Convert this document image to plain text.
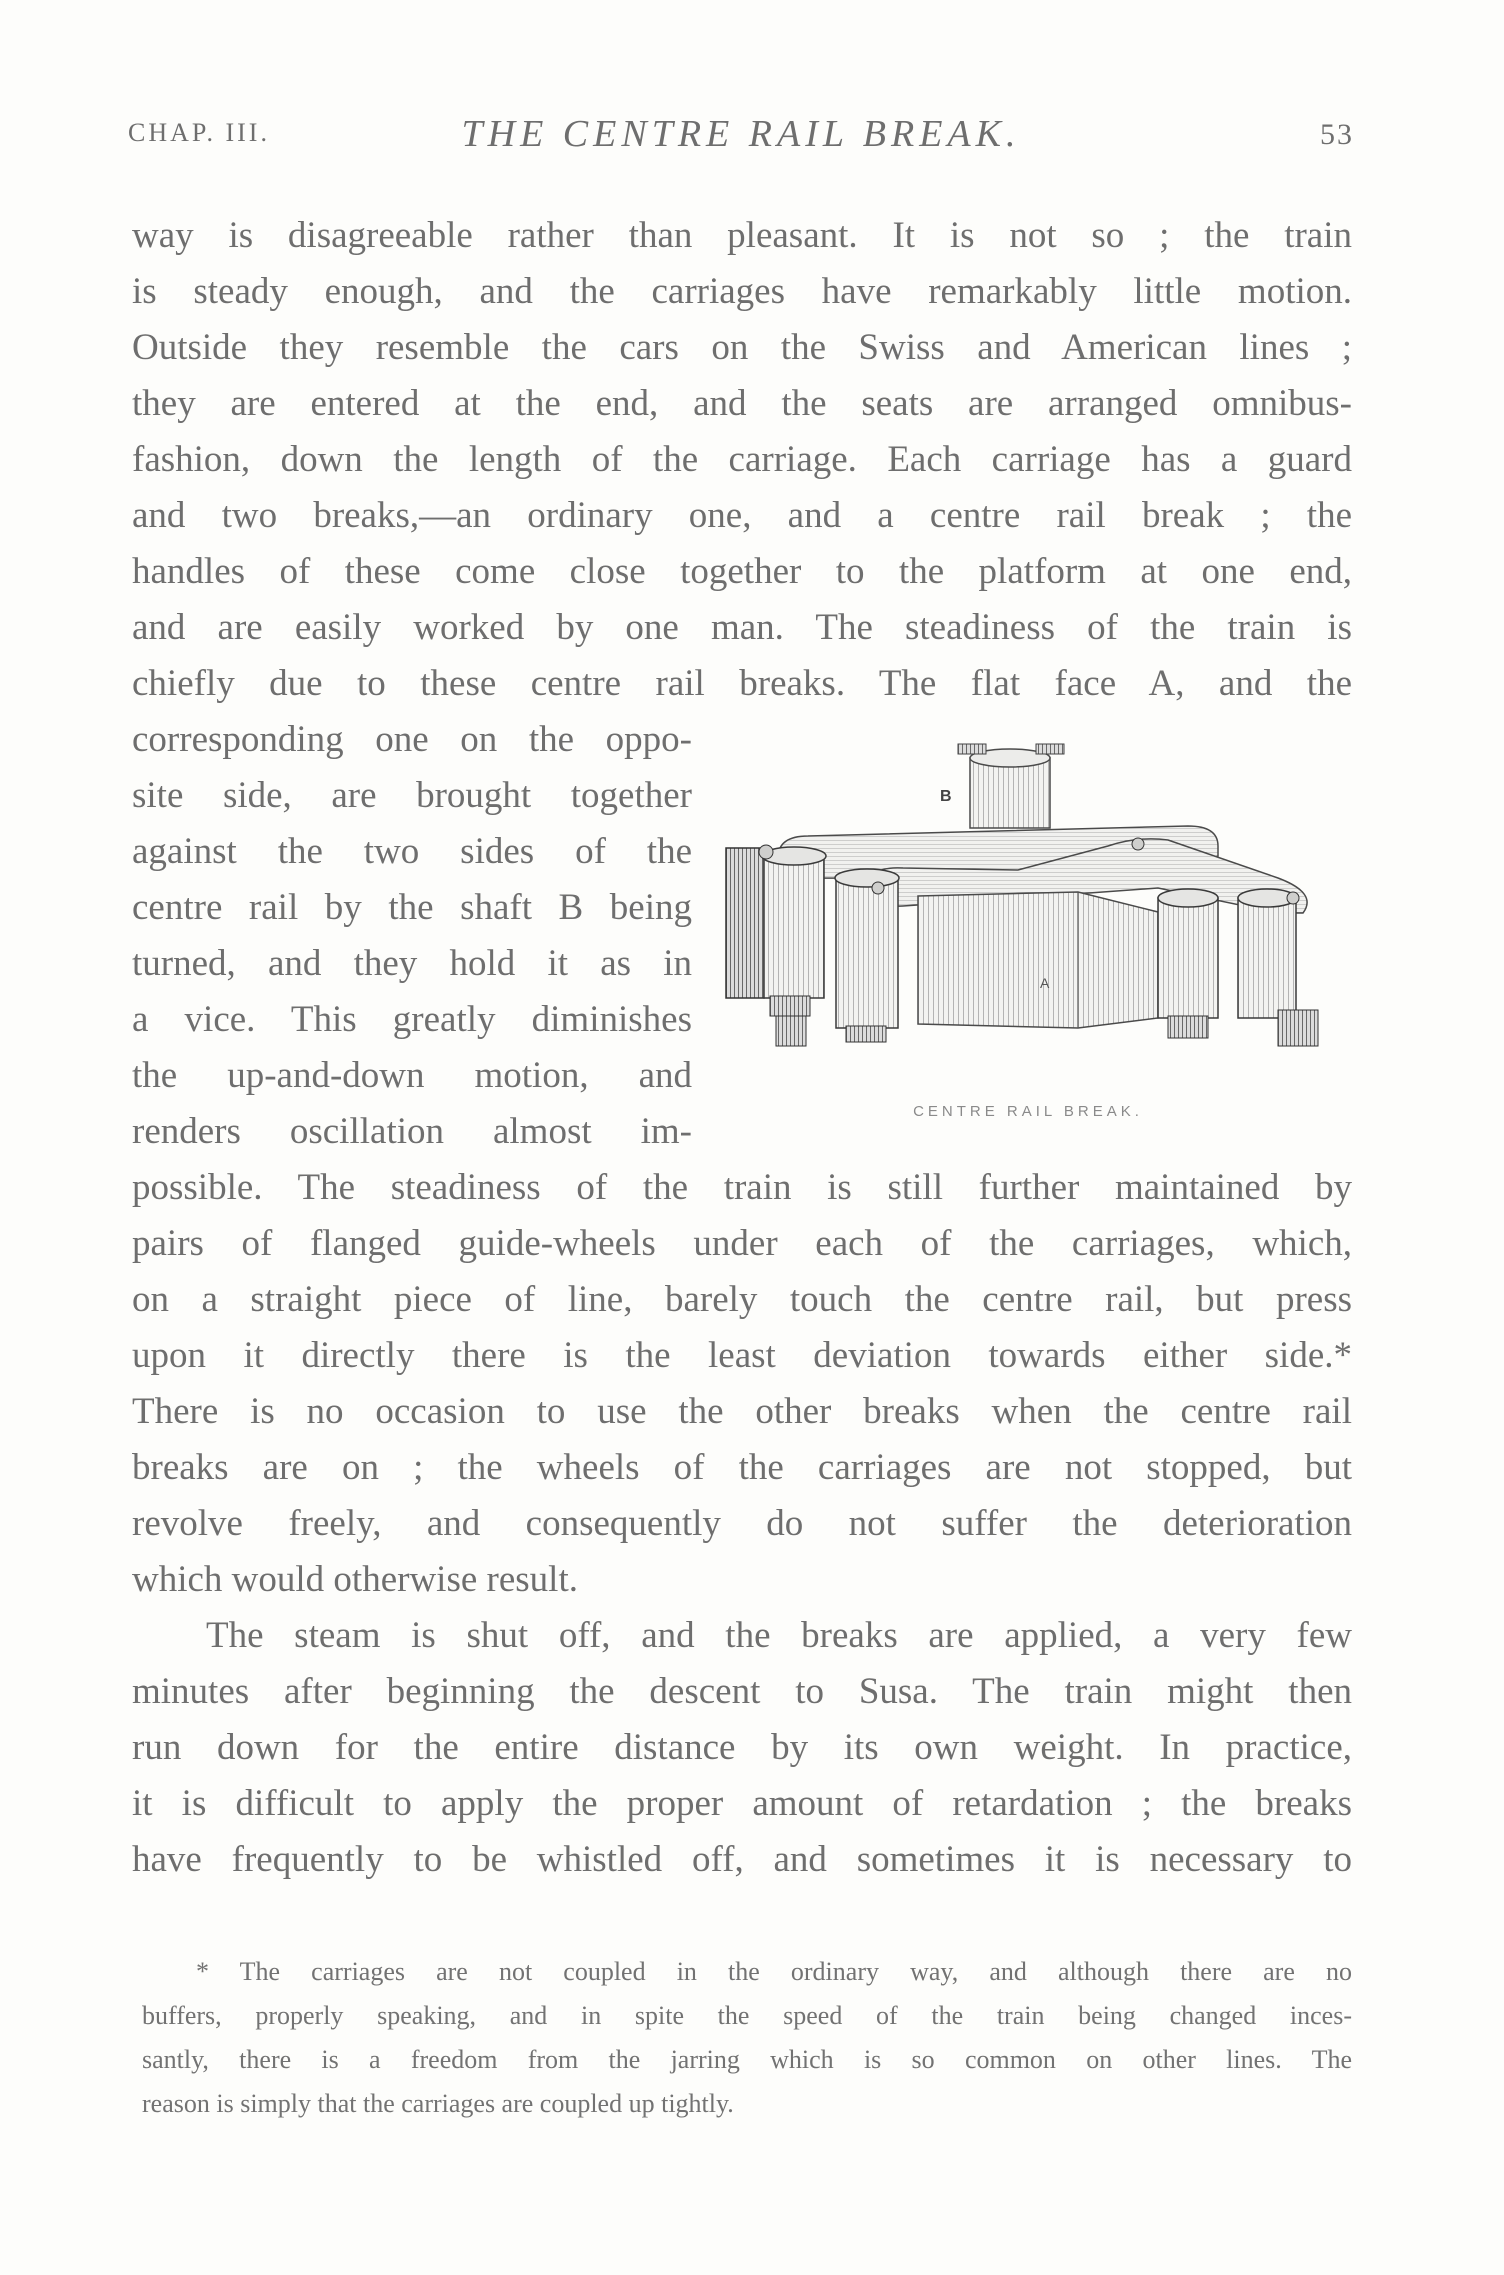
CHAP. III.	THE CENTRE RAIL BREAK.	53
way is disagreeable rather than pleasant. It is not so ; the train
is steady enough, and the carriages have remarkably little motion.
Outside they resemble the cars on the Swiss and American lines ;
they are entered at the end, and the seats are arranged omnibus-
fashion, down the length of the carriage. Each carriage has a guard
and two breaks,—an ordinary one, and a centre rail break ; the
handles of these come close together to the platform at one end,
and are easily worked by one man. The steadiness of the train is
chiefly due to these centre rail breaks. The flat face A, and the
corresponding one on the oppo-
site side, are brought together
against the two sides of the
centre rail by the shaft B being
turned, and they hold it as in
a vice. This greatly diminishes
the up-and-down motion, and
renders oscillation almost im-
possible. The steadiness of the train is still further maintained by
pairs of flanged guide-wheels under each of the carriages, which,
on a straight piece of line, barely touch the centre rail, but press
upon it directly there is the least deviation towards either side.*
There is no occasion to use the other breaks when the centre rail
breaks are on ; the wheels of the carriages are not stopped, but
revolve freely, and consequently do not suffer the deterioration
which would otherwise result.
The steam is shut off, and the breaks are applied, a very few
minutes after beginning the descent to Susa. The train might then
run down for the entire distance by its own weight. In practice,
it is difficult to apply the proper amount of retardation ; the breaks
have frequently to be whistled off, and sometimes it is necessary to
B
A
CENTRE RAIL BREAK.
* The carriages are not coupled in the ordinary way, and although there are no
buffers, properly speaking, and in spite the speed of the train being changed inces-
santly, there is a freedom from the jarring which is so common on other lines. The
reason is simply that the carriages are coupled up tightly.
